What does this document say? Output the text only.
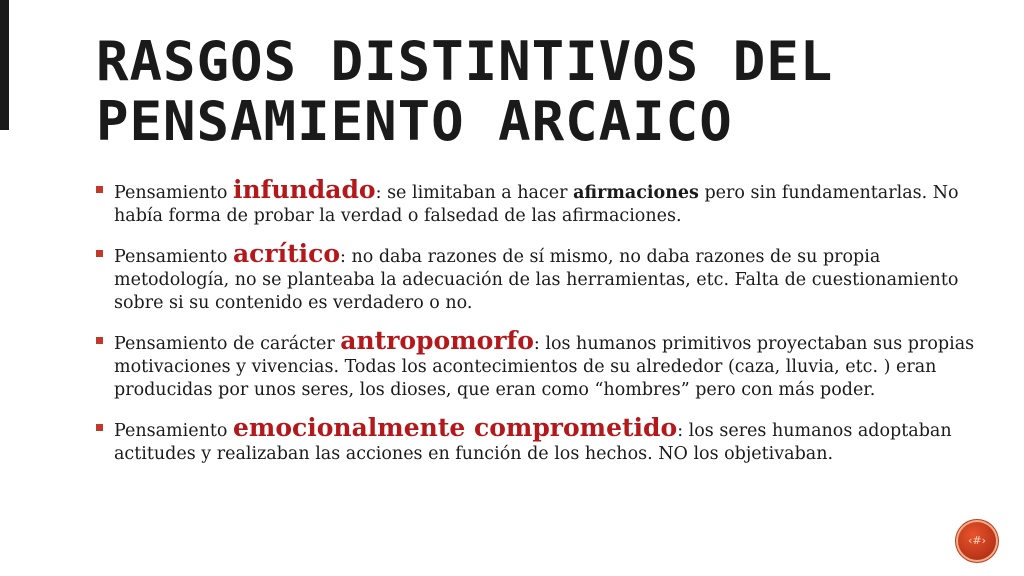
RASGOS DISTINTIVOS DEL PENSAMIENTO ARCAICO
Pensamiento infundado: se limitaban a hacer afirmaciones pero sin fundamentarlas. No había forma de probar la verdad o falsedad de las afirmaciones.
Pensamiento acrítico: no daba razones de sí mismo, no daba razones de su propia metodología, no se planteaba la adecuación de las herramientas, etc. Falta de cuestionamiento sobre si su contenido es verdadero o no.
Pensamiento de carácter antropomorfo: los humanos primitivos proyectaban sus propias motivaciones y vivencias. Todas los acontecimientos de su alrededor (caza, lluvia, etc. ) eran producidas por unos seres, los dioses, que eran como “hombres” pero con más poder.
Pensamiento emocionalmente comprometido: los seres humanos adoptaban actitudes y realizaban las acciones en función de los hechos. NO los objetivaban.
‹#›
